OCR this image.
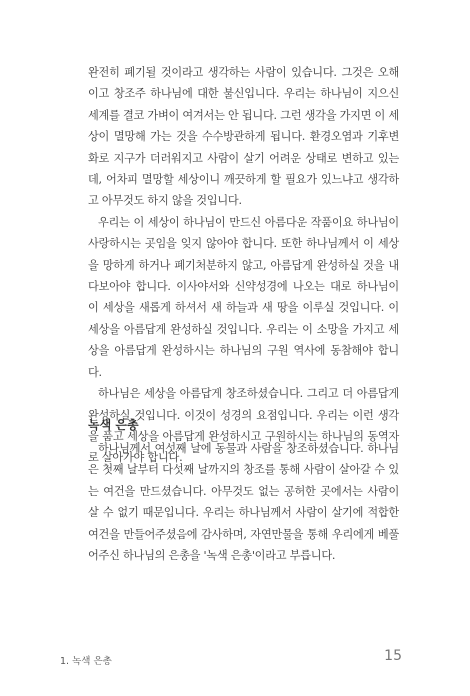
완전히 폐기될 것이라고 생각하는 사람이 있습니다. 그것은 오해이고 창조주 하나님에 대한 불신입니다. 우리는 하나님이 지으신 세계를 결코 가벼이 여겨서는 안 됩니다. 그런 생각을 가지면 이 세상이 멸망해 가는 것을 수수방관하게 됩니다. 환경오염과 기후변화로 지구가 더러워지고 사람이 살기 어려운 상태로 변하고 있는데, 어차피 멸망할 세상이니 깨끗하게 할 필요가 있느냐고 생각하고 아무것도 하지 않을 것입니다.

우리는 이 세상이 하나님이 만드신 아름다운 작품이요 하나님이 사랑하시는 곳임을 잊지 않아야 합니다. 또한 하나님께서 이 세상을 망하게 하거나 폐기처분하지 않고, 아름답게 완성하실 것을 내다보아야 합니다. 이사야서와 신약성경에 나오는 대로 하나님이 이 세상을 새롭게 하셔서 새 하늘과 새 땅을 이루실 것입니다. 이 세상을 아름답게 완성하실 것입니다. 우리는 이 소망을 가지고 세상을 아름답게 완성하시는 하나님의 구원 역사에 동참해야 합니다.

하나님은 세상을 아름답게 창조하셨습니다. 그리고 더 아름답게 완성하실 것입니다. 이것이 성경의 요점입니다. 우리는 이런 생각을 품고 세상을 아름답게 완성하시고 구원하시는 하나님의 동역자로 살아가야 합니다.

녹색 은총

하나님께서 여섯째 날에 동물과 사람을 창조하셨습니다. 하나님은 첫째 날부터 다섯째 날까지의 창조를 통해 사람이 살아갈 수 있는 여건을 만드셨습니다. 아무것도 없는 공허한 곳에서는 사람이 살 수 없기 때문입니다. 우리는 하나님께서 사람이 살기에 적합한 여건을 만들어주셨음에 감사하며, 자연만물을 통해 우리에게 베풀어주신 하나님의 은총을 '녹색 은총'이라고 부릅니다.

1. 녹색 은총	15
